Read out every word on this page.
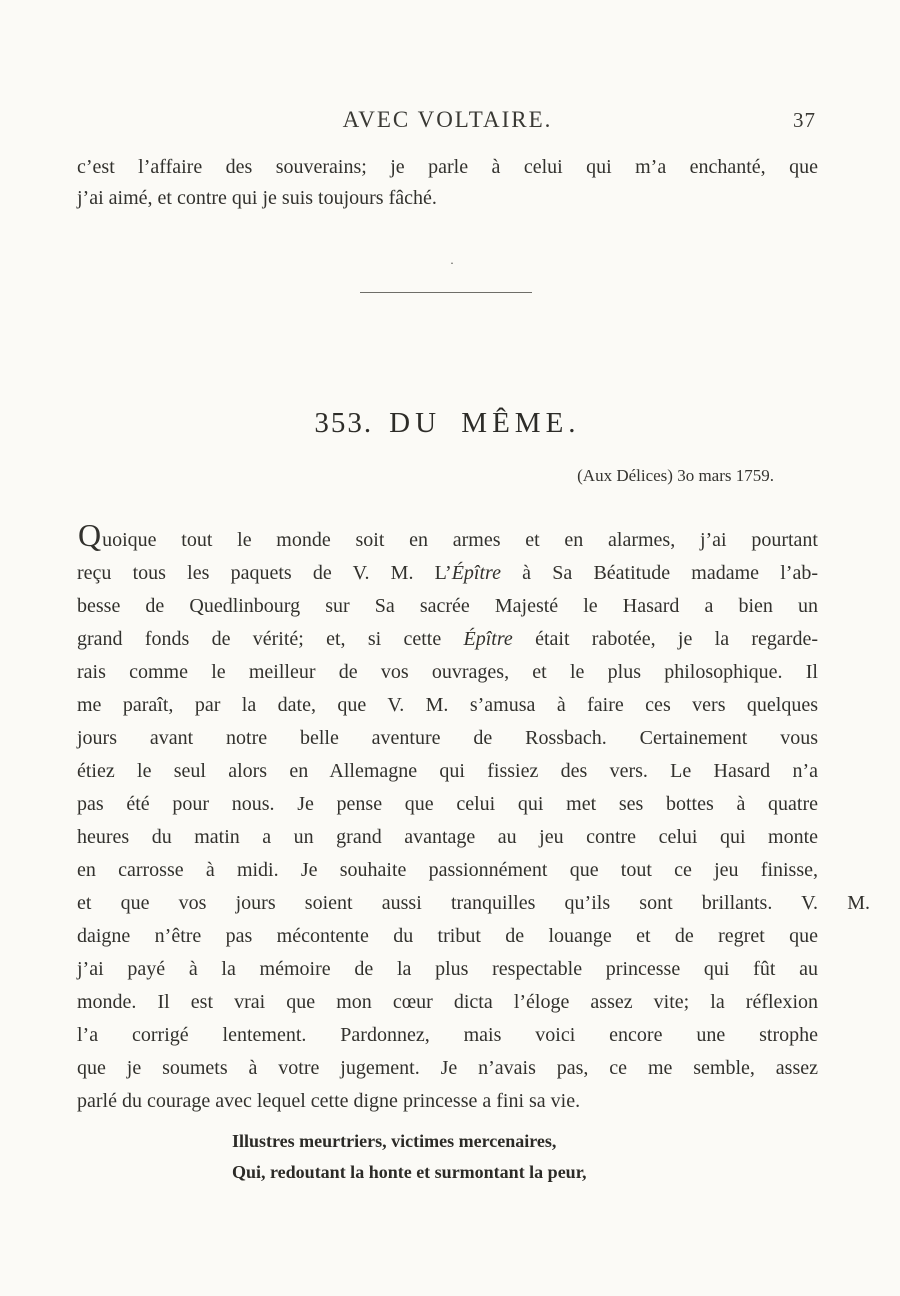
AVEC VOLTAIRE.	37
c’est l’affaire des souverains; je parle à celui qui m’a enchanté, que
j’ai aimé, et contre qui je suis toujours fâché.
.
353. DU MÊME.
(Aux Délices) 3o mars 1759.
Quoique tout le monde soit en armes et en alarmes, j’ai pourtant
reçu tous les paquets de V. M. L’Épître à Sa Béatitude madame l’ab-
besse de Quedlinbourg sur Sa sacrée Majesté le Hasard a bien un
grand fonds de vérité; et, si cette Épître était rabotée, je la regarde-
rais comme le meilleur de vos ouvrages, et le plus philosophique. Il
me paraît, par la date, que V. M. s’amusa à faire ces vers quelques
jours avant notre belle aventure de Rossbach. Certainement vous
étiez le seul alors en Allemagne qui fissiez des vers. Le Hasard n’a
pas été pour nous. Je pense que celui qui met ses bottes à quatre
heures du matin a un grand avantage au jeu contre celui qui monte
en carrosse à midi. Je souhaite passionnément que tout ce jeu finisse,
et que vos jours soient aussi tranquilles qu’ils sont brillants. V. M.
daigne n’être pas mécontente du tribut de louange et de regret que
j’ai payé à la mémoire de la plus respectable princesse qui fût au
monde. Il est vrai que mon cœur dicta l’éloge assez vite; la réflexion
l’a corrigé lentement. Pardonnez, mais voici encore une strophe
que je soumets à votre jugement. Je n’avais pas, ce me semble, assez
parlé du courage avec lequel cette digne princesse a fini sa vie.
Illustres meurtriers, victimes mercenaires,
Qui, redoutant la honte et surmontant la peur,
